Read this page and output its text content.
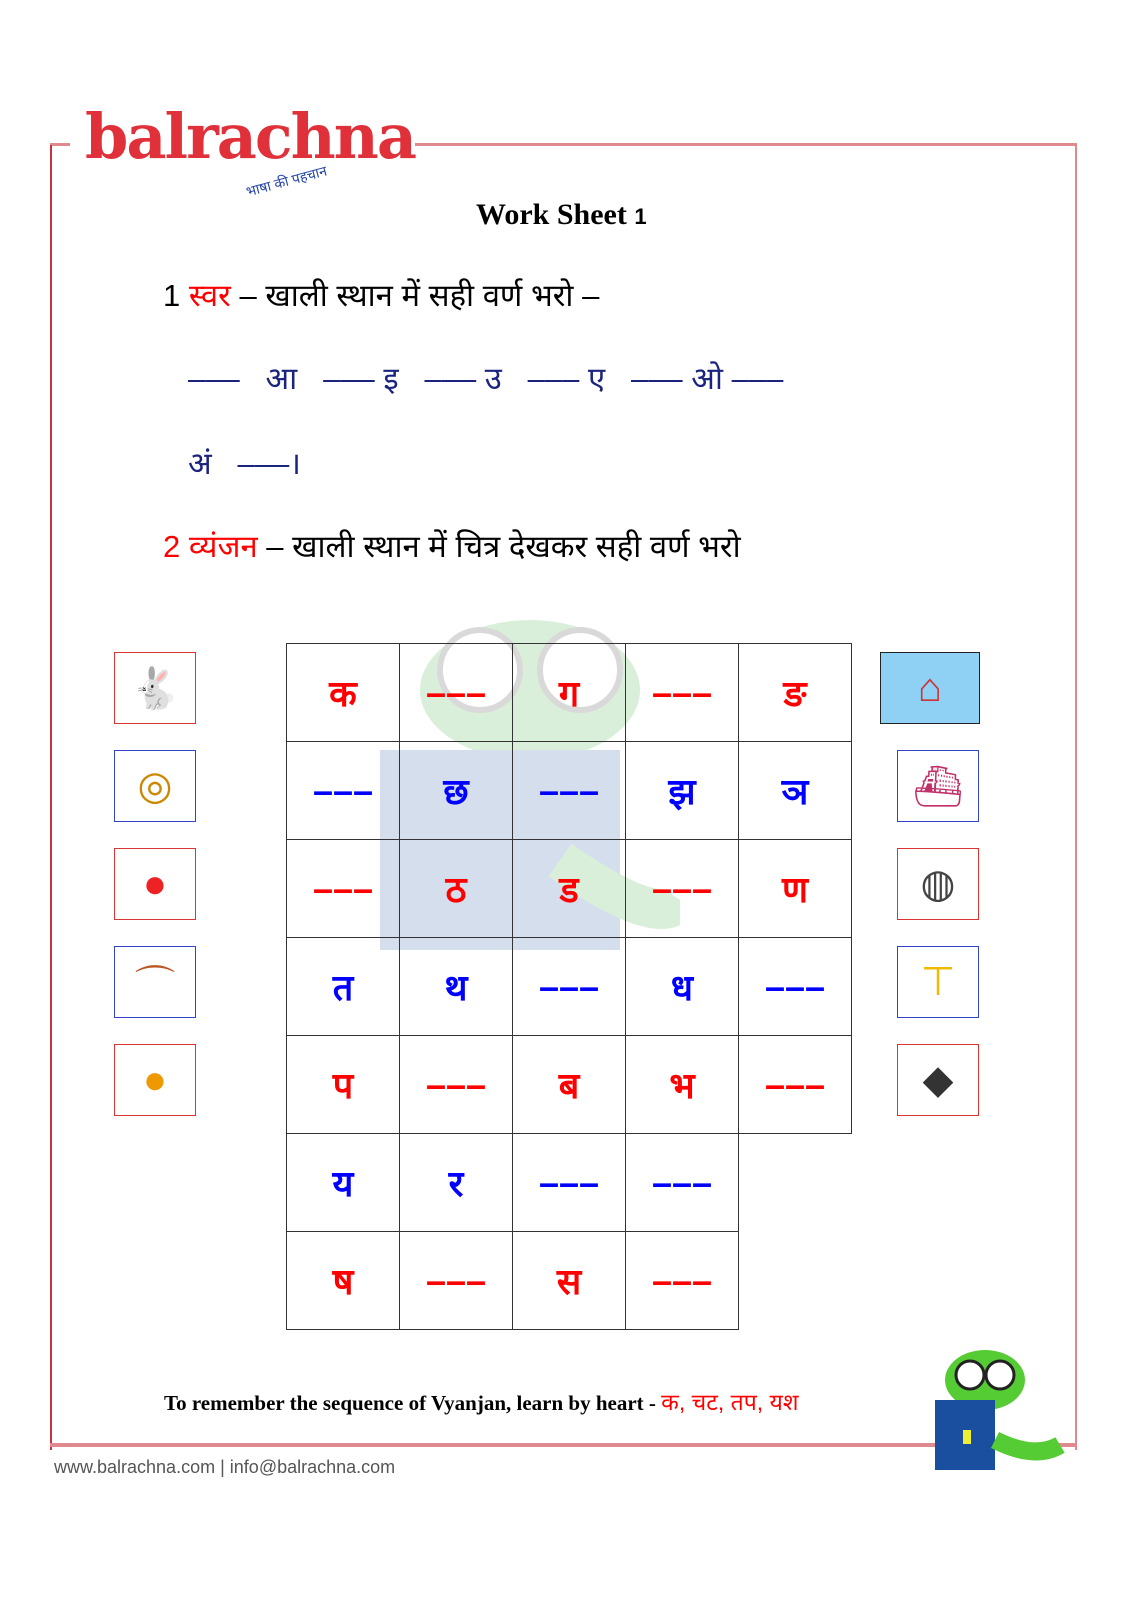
balrachna
भाषा की पहचान
Work Sheet 1
1 स्वर – खाली स्थान में सही वर्ण भरो –
–––   आ   ––– इ   ––– उ   ––– ए   ––– ओ –––
अं   –––।
2 व्यंजन – खाली स्थान में चित्र देखकर सही वर्ण भरो
क	–––	ग	–––	ङ
–––	छ	–––	झ	ञ
–––	ठ	ड	–––	ण
त	थ	–––	ध	–––
प	–––	ब	भ	–––
य	र	–––	–––	
ष	–––	स	–––	
🐇
◎
●
⌒
●
⌂
⛴
◍
⊤
◆
To remember the sequence of Vyanjan, learn by heart - क, चट, तप, यश
www.balrachna.com | info@balrachna.com
